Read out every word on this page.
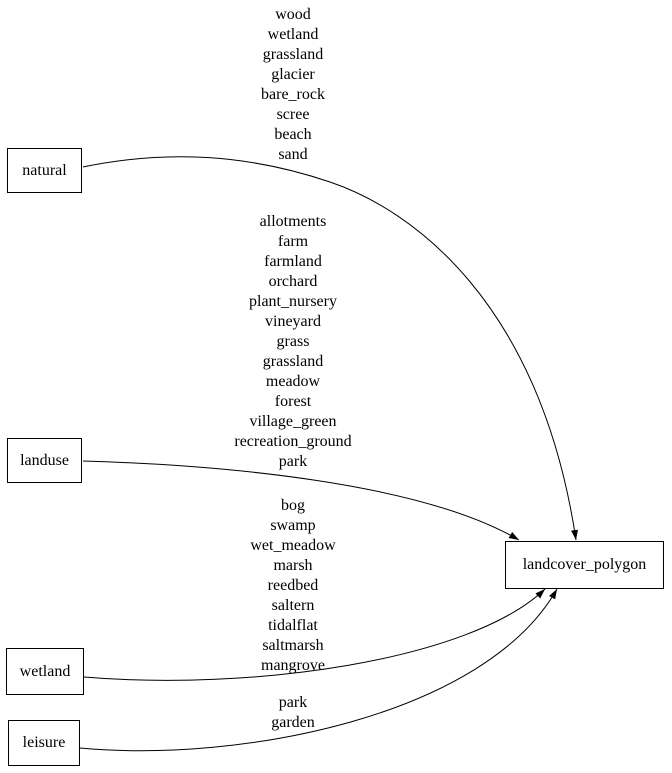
natural
landuse
wetland
leisure
landcover_polygon
wood
wetland
grassland
glacier
bare_rock
scree
beach
sand
allotments
farm
farmland
orchard
plant_nursery
vineyard
grass
grassland
meadow
forest
village_green
recreation_ground
park
bog
swamp
wet_meadow
marsh
reedbed
saltern
tidalflat
saltmarsh
mangrove
park
garden
